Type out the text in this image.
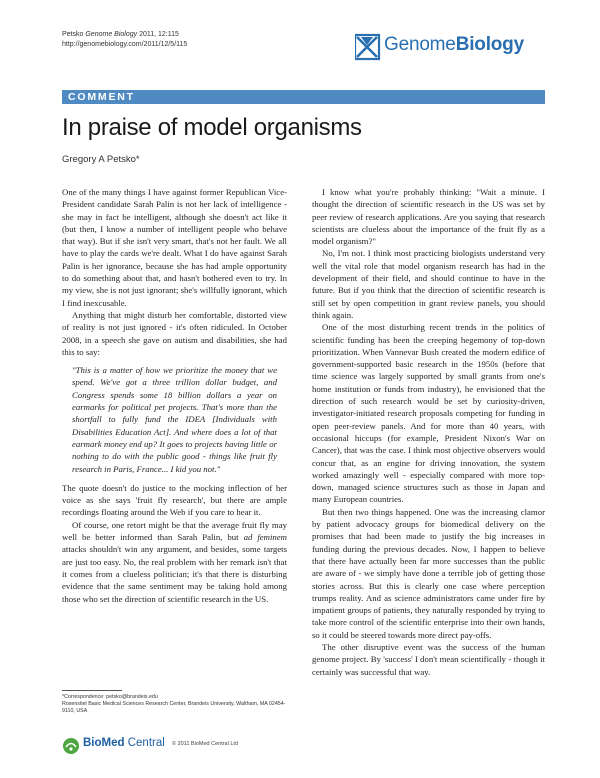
Petsko Genome Biology 2011, 12:115
http://genomebiology.com/2011/12/5/115	GenomeBiology
COMMENT
In praise of model organisms
Gregory A Petsko*

One of the many things I have against former Republican Vice-President candidate Sarah Palin is not her lack of intelligence - she may in fact be intelligent, although she doesn't act like it (but then, I know a number of intelligent people who behave that way). But if she isn't very smart, that's not her fault. We all have to play the cards we're dealt. What I do have against Sarah Palin is her ignorance, because she has had ample opportunity to do something about that, and hasn't bothered even to try. In my view, she is not just ignorant; she's willfully ignorant, which I find inexcusable.

Anything that might disturb her comfortable, distorted view of reality is not just ignored - it's often ridiculed. In October 2008, in a speech she gave on autism and disabilities, she had this to say:

"This is a matter of how we prioritize the money that we spend. We've got a three trillion dollar budget, and Congress spends some 18 billion dollars a year on earmarks for political pet projects. That's more than the shortfall to fully fund the IDEA [Individuals with Disabilities Education Act]. And where does a lot of that earmark money end up? It goes to projects having little or nothing to do with the public good - things like fruit fly research in Paris, France... I kid you not."

The quote doesn't do justice to the mocking inflection of her voice as she says 'fruit fly research', but there are ample recordings floating around the Web if you care to hear it.

Of course, one retort might be that the average fruit fly may well be better informed than Sarah Palin, but ad feminem attacks shouldn't win any argument, and besides, some targets are just too easy. No, the real problem with her remark isn't that it comes from a clueless politician; it's that there is disturbing evidence that the same sentiment may be taking hold among those who set the direction of scientific research in the US.

I know what you're probably thinking: "Wait a minute. I thought the direction of scientific research in the US was set by peer review of research applications. Are you saying that research scientists are clueless about the importance of the fruit fly as a model organism?"

No, I'm not. I think most practicing biologists understand very well the vital role that model organism research has had in the development of their field, and should continue to have in the future. But if you think that the direction of scientific research is still set by open competition in grant review panels, you should think again.

One of the most disturbing recent trends in the politics of scientific funding has been the creeping hegemony of top-down prioritization. When Vannevar Bush created the modern edifice of government-supported basic research in the 1950s (before that time science was largely supported by small grants from one's home institution or funds from industry), he envisioned that the direction of such research would be set by curiosity-driven, investigator-initiated research proposals competing for funding in open peer-review panels. And for more than 40 years, with occasional hiccups (for example, President Nixon's War on Cancer), that was the case. I think most objective observers would concur that, as an engine for driving innovation, the system worked amazingly well - especially compared with more top-down, managed science structures such as those in Japan and many European countries.

But then two things happened. One was the increasing clamor by patient advocacy groups for biomedical delivery on the promises that had been made to justify the big increases in funding during the previous decades. Now, I happen to believe that there have actually been far more successes than the public are aware of - we simply have done a terrible job of getting those stories across. But this is clearly one case where perception trumps reality. And as science administrators came under fire by impatient groups of patients, they naturally responded by trying to take more control of the scientific enterprise into their own hands, so it could be steered towards more direct pay-offs.

The other disruptive event was the success of the human genome project. By 'success' I don't mean scientifically - though it certainly was successful that way.

*Correspondence: petsko@brandeis.edu
Rosenstiel Basic Medical Sciences Research Center, Brandeis University, Waltham, MA 02454-9110, USA
BioMed Central © 2011 BioMed Central Ltd
